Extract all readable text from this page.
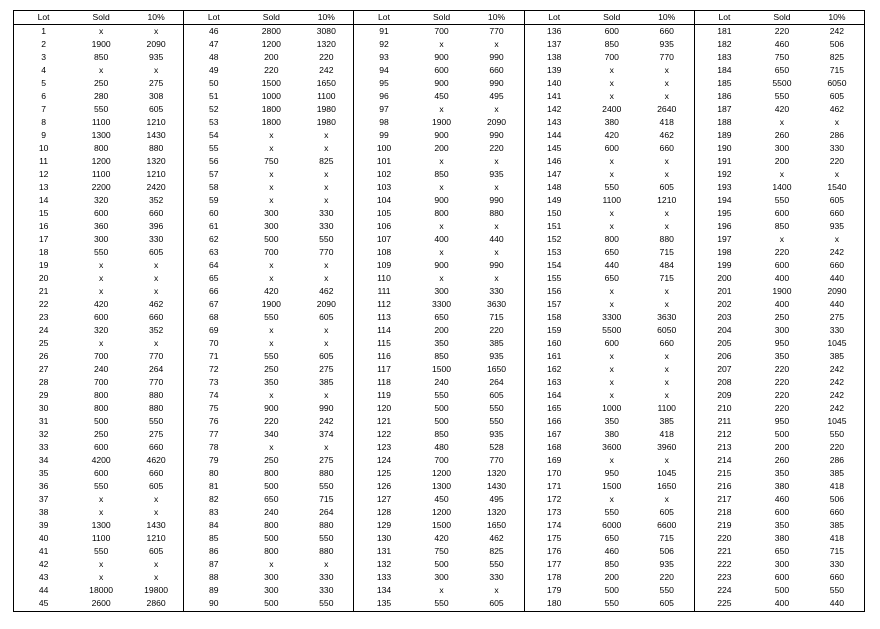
Lot	Sold	10%
1	x	x
2	1900	2090
3	850	935
4	x	x
5	250	275
6	280	308
7	550	605
8	1100	1210
9	1300	1430
10	800	880
11	1200	1320
12	1100	1210
13	2200	2420
14	320	352
15	600	660
16	360	396
17	300	330
18	550	605
19	x	x
20	x	x
21	x	x
22	420	462
23	600	660
24	320	352
25	x	x
26	700	770
27	240	264
28	700	770
29	800	880
30	800	880
31	500	550
32	250	275
33	600	660
34	4200	4620
35	600	660
36	550	605
37	x	x
38	x	x
39	1300	1430
40	1100	1210
41	550	605
42	x	x
43	x	x
44	18000	19800
45	2600	2860
Lot	Sold	10%
46	2800	3080
47	1200	1320
48	200	220
49	220	242
50	1500	1650
51	1000	1100
52	1800	1980
53	1800	1980
54	x	x
55	x	x
56	750	825
57	x	x
58	x	x
59	x	x
60	300	330
61	300	330
62	500	550
63	700	770
64	x	x
65	x	x
66	420	462
67	1900	2090
68	550	605
69	x	x
70	x	x
71	550	605
72	250	275
73	350	385
74	x	x
75	900	990
76	220	242
77	340	374
78	x	x
79	250	275
80	800	880
81	500	550
82	650	715
83	240	264
84	800	880
85	500	550
86	800	880
87	x	x
88	300	330
89	300	330
90	500	550
Lot	Sold	10%
91	700	770
92	x	x
93	900	990
94	600	660
95	900	990
96	450	495
97	x	x
98	1900	2090
99	900	990
100	200	220
101	x	x
102	850	935
103	x	x
104	900	990
105	800	880
106	x	x
107	400	440
108	x	x
109	900	990
110	x	x
111	300	330
112	3300	3630
113	650	715
114	200	220
115	350	385
116	850	935
117	1500	1650
118	240	264
119	550	605
120	500	550
121	500	550
122	850	935
123	480	528
124	700	770
125	1200	1320
126	1300	1430
127	450	495
128	1200	1320
129	1500	1650
130	420	462
131	750	825
132	500	550
133	300	330
134	x	x
135	550	605
Lot	Sold	10%
136	600	660
137	850	935
138	700	770
139	x	x
140	x	x
141	x	x
142	2400	2640
143	380	418
144	420	462
145	600	660
146	x	x
147	x	x
148	550	605
149	1100	1210
150	x	x
151	x	x
152	800	880
153	650	715
154	440	484
155	650	715
156	x	x
157	x	x
158	3300	3630
159	5500	6050
160	600	660
161	x	x
162	x	x
163	x	x
164	x	x
165	1000	1100
166	350	385
167	380	418
168	3600	3960
169	x	x
170	950	1045
171	1500	1650
172	x	x
173	550	605
174	6000	6600
175	650	715
176	460	506
177	850	935
178	200	220
179	500	550
180	550	605
Lot	Sold	10%
181	220	242
182	460	506
183	750	825
184	650	715
185	5500	6050
186	550	605
187	420	462
188	x	x
189	260	286
190	300	330
191	200	220
192	x	x
193	1400	1540
194	550	605
195	600	660
196	850	935
197	x	x
198	220	242
199	600	660
200	400	440
201	1900	2090
202	400	440
203	250	275
204	300	330
205	950	1045
206	350	385
207	220	242
208	220	242
209	220	242
210	220	242
211	950	1045
212	500	550
213	200	220
214	260	286
215	350	385
216	380	418
217	460	506
218	600	660
219	350	385
220	380	418
221	650	715
222	300	330
223	600	660
224	500	550
225	400	440
